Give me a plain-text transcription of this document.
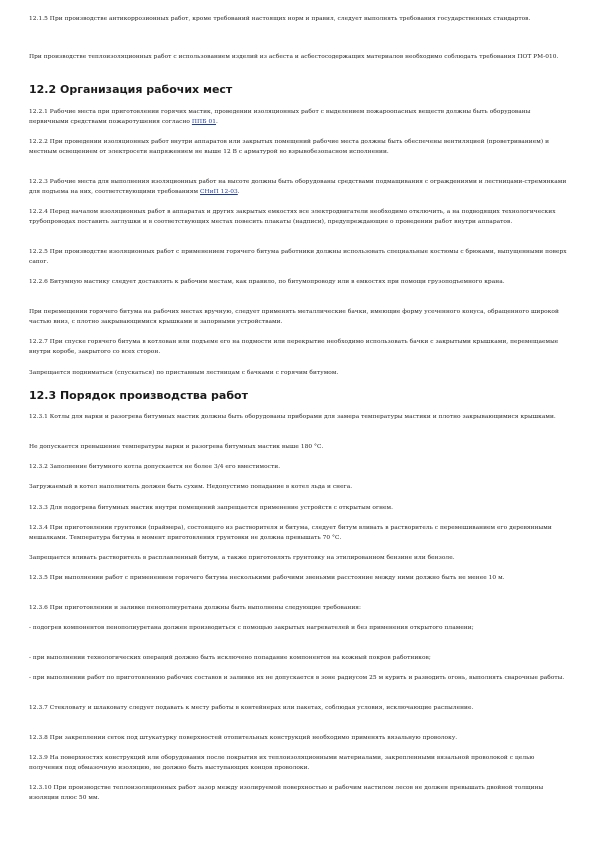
12.1.5 При производстве антикоррозионных работ, кроме требований настоящих норм и правил, следует выполнять требования государственных стандартов.

При производстве теплоизоляционных работ с использованием изделий из асбеста и асбестосодержащих материалов необходимо соблюдать требования ПОТ РМ-010.

12.2 Организация рабочих мест

12.2.1 Рабочие места при приготовлении горячих мастик, проведении изоляционных работ с выделением пожароопасных веществ должны быть оборудованы первичными средствами пожаротушения согласно ППБ 01.

12.2.2 При проведении изоляционных работ внутри аппаратов или закрытых помещений рабочие места должны быть обеспечены вентиляцией (проветриванием) и местным освещением от электросети напряжением не выше 12 В с арматурой во взрывобезопасном исполнении.

12.2.3 Рабочие места для выполнения изоляционных работ на высоте должны быть оборудованы средствами подмащивания с ограждениями и лестницами-стремянками для подъема на них, соответствующими требованиям СНиП 12-03.

12.2.4 Перед началом изоляционных работ в аппаратах и других закрытых емкостях все электродвигатели необходимо отключить, а на подводящих технологических трубопроводах поставить заглушки и в соответствующих местах повесить плакаты (надписи), предупреждающие о проведении работ внутри аппаратов.

12.2.5 При производстве изоляционных работ с применением горячего битума работники должны использовать специальные костюмы с брюками, выпущенными поверх сапог.

12.2.6 Битумную мастику следует доставлять к рабочим местам, как правило, по битумопроводу или в емкостях при помощи грузоподъемного крана.

При перемещении горячего битума на рабочих местах вручную, следует применять металлические бачки, имеющие форму усеченного конуса, обращенного широкой частью вниз, с плотно закрывающимися крышками и запорными устройствами.

12.2.7 При спуске горячего битума в котлован или подъеме его на подмости или перекрытие необходимо использовать бачки с закрытыми крышками, перемещаемые внутри коробе, закрытого со всех сторон.

Запрещается подниматься (спускаться) по приставным лестницам с бачками с горячим битумом.

12.3 Порядок производства работ

12.3.1 Котлы для варки и разогрева битумных мастик должны быть оборудованы приборами для замера температуры мастики и плотно закрывающимися крышками.

Не допускается превышение температуры варки и разогрева битумных мастик выше 180 °С.

12.3.2 Заполнение битумного котла допускается не более 3/4 его вместимости.

Загружаемый в котел наполнитель должен быть сухим. Недопустимо попадание в котел льда и снега.

12.3.3 Для подогрева битумных мастик внутри помещений запрещается применение устройств с открытым огнем.

12.3.4 При приготовлении грунтовки (праймера), состоящего из растворителя и битума, следует битум вливать в растворитель с перемешиванием его деревянными мешалками. Температура битума в момент приготовления грунтовки не должна превышать 70 °С.

Запрещается вливать растворитель в расплавленный битум, а также приготовлять грунтовку на этилированном бензине или бензоле.

12.3.5 При выполнении работ с применением горячего битума несколькими рабочими звеньями расстояние между ними должно быть не менее 10 м.

12.3.6 При приготовлении и заливке пенополиуретана должны быть выполнены следующие требования:

- подогрев компонентов пенополиуретана должен производиться с помощью закрытых нагревателей и без применения открытого пламени;

- при выполнении технологических операций должно быть исключено попадание компонентов на кожный покров работников;

- при выполнении работ по приготовлению рабочих составов и заливке их не допускается в зоне радиусом 25 м курить и разводить огонь, выполнять сварочные работы.

12.3.7 Стекловату и шлаковату следует подавать к месту работы в контейнерах или пакетах, соблюдая условия, исключающие распыление.

12.3.8 При закреплении сеток под штукатурку поверхностей отопительных конструкций необходимо применять вязальную проволоку.

12.3.9 На поверхностях конструкций или оборудования после покрытия их теплоизоляционными материалами, закрепленными вязальной проволокой с целью получения под обмазочную изоляцию, не должно быть выступающих концов проволоки.

12.3.10 При производстве теплоизоляционных работ зазор между изолируемой поверхностью и рабочим настилом лесов не должен превышать двойной толщины изоляции плюс 50 мм.
